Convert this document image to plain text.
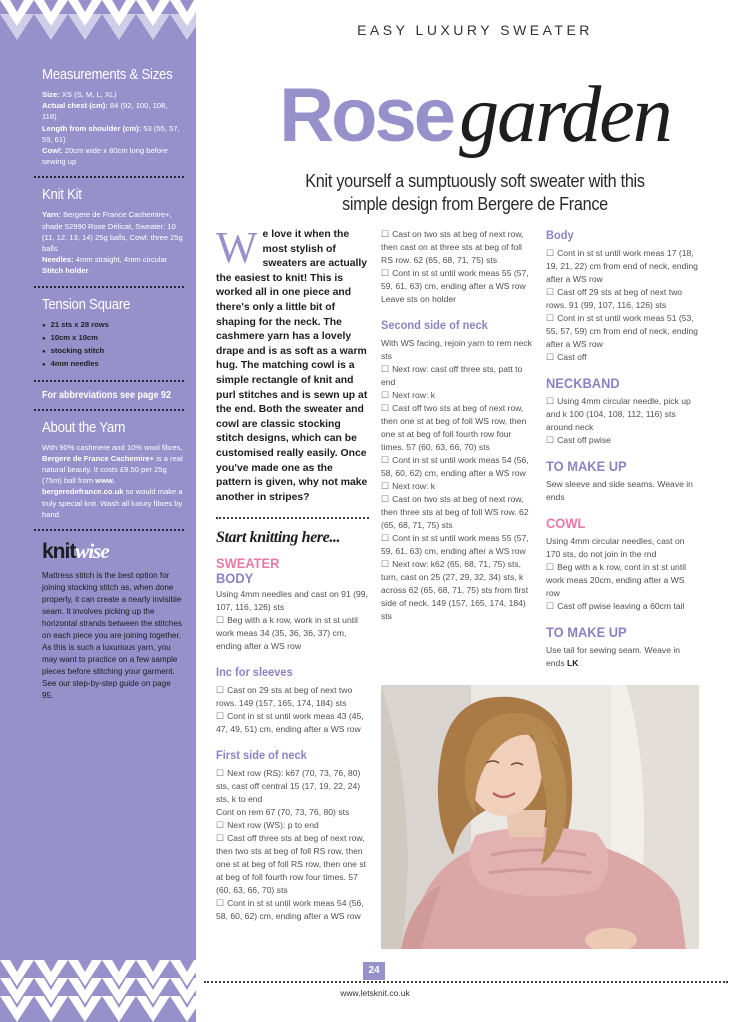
Measurements & Sizes

Size: XS (S, M, L, XL)

Actual chest (cm): 84 (92, 100, 108, 118)

Length from shoulder (cm): 53 (55, 57, 59, 61)

Cowl: 20cm wide x 80cm long before sewing up

Knit Kit

Yarn: Bergere de France Cachemire+, shade 52990 Rose Délicat, Sweater: 10 (11, 12, 13, 14) 25g balls, Cowl: three 25g balls

Needles: 4mm straight, 4mm circular

Stitch holder

Tension Square
● 21 sts x 28 rows
● 10cm x 10cm
● stocking stitch
● 4mm needles
For abbreviations see page 92
About the Yarn

With 90% cashmere and 10% wool fibres, Bergere de France Cachemire+ is a real natural beauty. It costs £9.50 per 25g (75m) ball from www. bergeredefrance.co.uk so would make a truly special knit. Wash all luxury fibres by hand.

knitwise

Mattress stitch is the best option for joining stocking stitch as, when done properly, it can create a nearly invisible seam. It involves picking up the horizontal strands between the stitches on each piece you are joining together. As this is such a luxurious yarn, you may want to practice on a few sample pieces before stitching your garment. See our step-by-step guide on page 95.

EASY LUXURY SWEATER
Rosegarden
Knit yourself a sumptuously soft sweater with this
simple design from Bergere de France

We love it when the most stylish of sweaters are actually the easiest to knit! This is worked all in one piece and there's only a little bit of shaping for the neck. The cashmere yarn has a lovely drape and is as soft as a warm hug. The matching cowl is a simple rectangle of knit and purl stitches and is sewn up at the end. Both the sweater and cowl are classic stocking stitch designs, which can be customised really easily. Once you've made one as the pattern is given, why not make another in stripes?

Start knitting here...
SWEATER
BODY

Using 4mm needles and cast on 91 (99, 107, 116, 126) sts

☐ Beg with a k row, work in st st until work meas 34 (35, 36, 36, 37) cm, ending after a WS row

Inc for sleeves

☐ Cast on 29 sts at beg of next two rows. 149 (157, 165, 174, 184) sts

☐ Cont in st st until work meas 43 (45, 47, 49, 51) cm, ending after a WS row

First side of neck

☐ Next row (RS): k67 (70, 73, 76, 80) sts, cast off central 15 (17, 19, 22, 24) sts, k to end

Cont on rem 67 (70, 73, 76, 80) sts

☐ Next row (WS): p to end

☐ Cast off three sts at beg of next row, then two sts at beg of foll RS row, then one st at beg of foll RS row, then one st at beg of foll fourth row four times. 57 (60, 63, 66, 70) sts

☐ Cont in st st until work meas 54 (56, 58, 60, 62) cm, ending after a WS row

☐ Cast on two sts at beg of next row, then cast on at three sts at beg of foll RS row. 62 (65, 68, 71, 75) sts

☐ Cont in st st until work meas 55 (57, 59, 61, 63) cm, ending after a WS row

Leave sts on holder

Second side of neck

With WS facing, rejoin yarn to rem neck sts

☐ Next row: cast off three sts, patt to end

☐ Next row: k

☐ Cast off two sts at beg of next row, then one st at beg of foll WS row, then one st at beg of foll fourth row four times. 57 (60, 63, 66, 70) sts

☐ Cont in st st until work meas 54 (56, 58, 60, 62) cm, ending after a WS row

☐ Next row: k

☐ Cast on two sts at beg of next row, then three sts at beg of foll WS row. 62 (65, 68, 71, 75) sts

☐ Cont in st st until work meas 55 (57, 59, 61, 63) cm, ending after a WS row

☐ Next row: k62 (65, 68, 71, 75) sts, turn, cast on 25 (27, 29, 32, 34) sts, k across 62 (65, 68, 71, 75) sts from first side of neck. 149 (157, 165, 174, 184) sts

Body

☐ Cont in st st until work meas 17 (18, 19, 21, 22) cm from end of neck, ending after a WS row

☐ Cast off 29 sts at beg of next two rows. 91 (99, 107, 116, 126) sts

☐ Cont in st st until work meas 51 (53, 55, 57, 59) cm from end of neck, ending after a WS row

☐ Cast off

NECKBAND

☐ Using 4mm circular needle, pick up and k 100 (104, 108, 112, 116) sts around neck

☐ Cast off pwise

TO MAKE UP

Sew sleeve and side seams. Weave in ends

COWL

Using 4mm circular needles, cast on 170 sts, do not join in the rnd

☐ Beg with a k row, cont in st st until work meas 20cm, ending after a WS row

☐ Cast off pwise leaving a 60cm tail

TO MAKE UP

Use tail for sewing seam. Weave in ends LK

24
www.letsknit.co.uk
